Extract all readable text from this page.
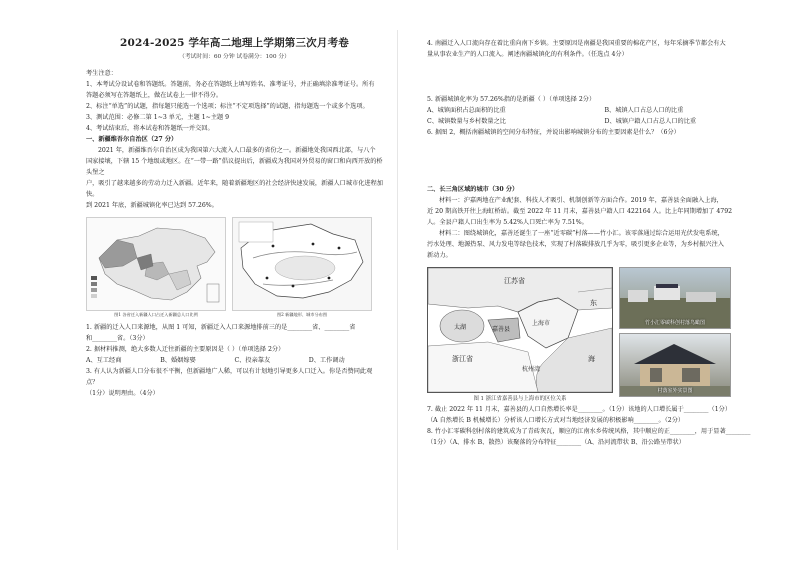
2024-2025 学年高二地理上学期第三次月考卷

（考试时间：60 分钟 试卷满分：100 分）

考生注意：

1、本考试分设试卷和答题纸。答题前，务必在答题纸上填写姓名、准考证号，并正确填涂准考证号。所有

答题必须写在答题纸上，做在试卷上一律不得分。

2、标注“单选”的试题，指每题只能选一个选项；标注“不定项选择”的试题，指每题选一个或多个选项。

3、测试范围：必修二第 1~3 单元，主题 1~主题 9

4、考试结束后，将本试卷和答题纸一并交回。

一、新疆维吾尔自治区（27 分）

2021 年，新疆维吾尔自治区成为我国第六大流入人口最多的省份之一。新疆地处我国西北部，与八个

国家接壤，下辖 15 个地级或地区。在“一带一路”倡议提出后，新疆成为我国对外贸易的窗口和向西开放的桥头堡之

户，吸引了越来越多的劳动力迁入新疆。近年来，随着新疆地区的社会经济快速发展，新疆人口城市化进程加快。

到 2021 年底，新疆城镇化率已达到 57.26%。

图1 各省迁入新疆人口占迁入新疆总人口比例	图2 新疆地形、城市分布图

1. 新疆的迁入人口来源地，从图 1 可知，新疆迁入人口来源地排前三的是________省、________省

和________省。（3分）

2. 据材料推测，绝大多数人迁往新疆的主要原因是（ ）（单项选择 2分）

A、互工经商	B、婚姻嫁娶	C、投亲靠友	D、工作调动

3. 有人认为新疆人口分布很不平衡，但新疆地广人稀，可以有计划地引导更多人口迁入。你是否赞同此观点？

（1分）说明理由。（4分）

4. 南疆迁入人口流向存在着比重向南下乡镇。主要原因是南疆是我国重要的棉花产区，每年采摘季节都会有大

量从事农业生产的人口流入。阐述南疆城镇化的有利条件。（任选点 4分）

5. 新疆城镇化率为 57.26%指的是新疆（ ）（单项选择 2分）

A、城镇面积占总面积的比重	B、城镇人口占总人口的比重
C、城镇数量与乡村数量之比	D、城镇户籍人口占总人口的比重

6. 据图 2，概括南疆城镇的空间分布特征，并说出影响城镇分布的主要因素是什么？（6分）

二、长三角区域的城市（30 分）

材料一：沪嘉两地在产业配套、科技人才吸引、机制创新等方面合作。2019 年，嘉善县全面融入上海，

近 20 期高铁开往上海虹桥站。截至 2022 年 11 月末，嘉善县户籍人口 422164 人。比上年同期增加了 4792

人。全县户籍人口出生率为 5.42%人口死亡率为 7.51%。

材料二：图绕城镇化，嘉善还诞生了一座“近零碳”村落——竹小汇。该零落通过综合运用光伏发电系统，

污水处理、地源热泵、风力发电等绿色技术，实现了村落碳排放几乎为零，吸引更多企业等，为乡村振兴注入

新动力。

江苏省
上海市
太湖
浙江省
嘉善县
杭州湾
东
海
图 1 浙江省嘉善县与上海市的区位关系
竹小汇零碳科创村落鸟瞰图
村落室外实景图

7. 截止 2022 年 11 月末，嘉善县的人口自然增长率是________。（1分）该地的人口增长属于________（1分）

（A 自然增长 B 机械增长）分析该人口增长方式对当地经济发展的积极影响________。（2分）

8. 竹小汇零碳科创村落的建筑成为了青砖灰瓦，顺应的江南水乡传统风格，其中顺应的正________，用于显著________

（1分）（A、排水 B、散热）该聚落的分布特征________（A、沿河流带状 B、沿公路呈带状）
